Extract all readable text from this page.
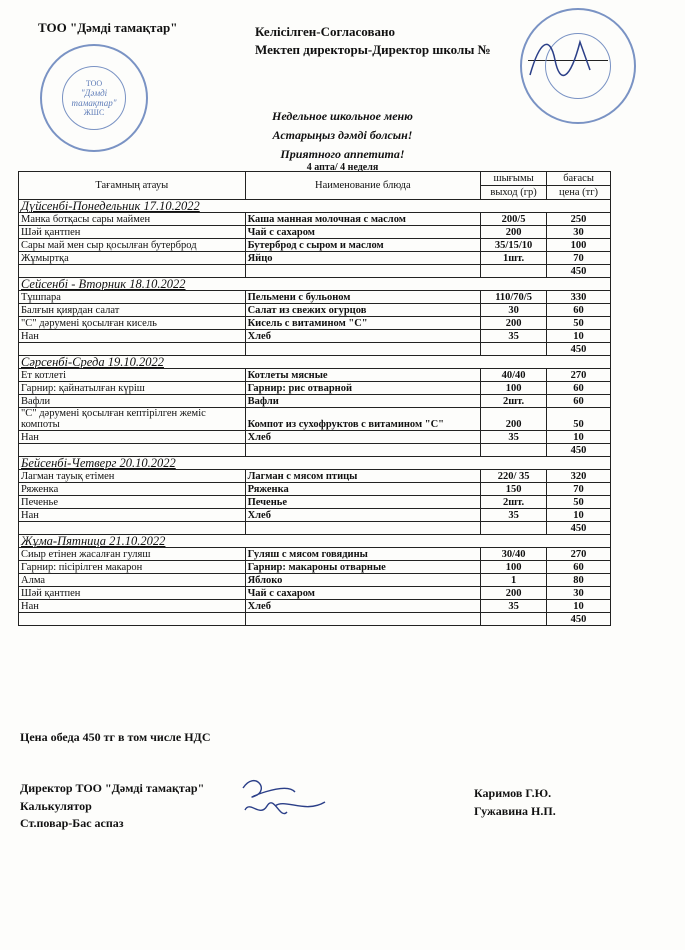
ТОО "Дәмді тамақтар"	Келісілген-Согласовано
Мектеп директоры-Директор школы №
ТОО
"Дәмді тамақтар"
ЖШС	Недельное школьное меню
Астарыңыз дәмді болсын!
Приятного аппетита!
4 апта/ 4 неделя
Тағамның атауы	Наименование блюда	шығымы	бағасы
		выход (гр)	цена (тг)
Дүйсенбі-Понедельник 17.10.2022			
Манка ботқасы сары маймен	Каша манная молочная с маслом	200/5	250
Шәй қантпен	Чай с сахаром	200	30
Сары май мен сыр қосылған бутерброд	Бутерброд с сыром и маслом	35/15/10	100
Жұмыртқа	Яйцо	1шт.	70
			450
Сейсенбі - Вторник 18.10.2022			
Тұшпара	Пельмени с бульоном	110/70/5	330
Балғын қиярдан салат	Салат из свежих огурцов	30	60
"С" дәрумені қосылған кисель	Кисель с витамином "С"	200	50
Нан	Хлеб	35	10
			450
Сәрсенбі-Среда 19.10.2022			
Ет котлеті	Котлеты мясные	40/40	270
Гарнир: қайнатылған күріш	Гарнир: рис отварной	100	60
Вафли	Вафли	2шт.	60
"С" дәрумені қосылған кептірілген жеміс компоты	Компот из сухофруктов с витамином "С"	200	50
Нан	Хлеб	35	10
			450
Бейсенбі-Четверг 20.10.2022			
Лагман тауық етімен	Лагман с мясом птицы	220/ 35	320
Ряженка	Ряженка	150	70
Печенье	Печенье	2шт.	50
Нан	Хлеб	35	10
			450
Жұма-Пятница 21.10.2022			
Сиыр етінен жасалған гуляш	Гуляш с мясом говядины	30/40	270
Гарнир: пісірілген макарон	Гарнир: макароны отварные	100	60
Алма	Яблоко	1	80
Шәй қантпен	Чай с сахаром	200	30
Нан	Хлеб	35	10
			450
Цена обеда 450 тг в том числе НДС
Директор ТОО "Дәмді тамақтар"
Калькулятор
Ст.повар-Бас аспаз
Каримов Г.Ю.
Гужавина Н.П.
